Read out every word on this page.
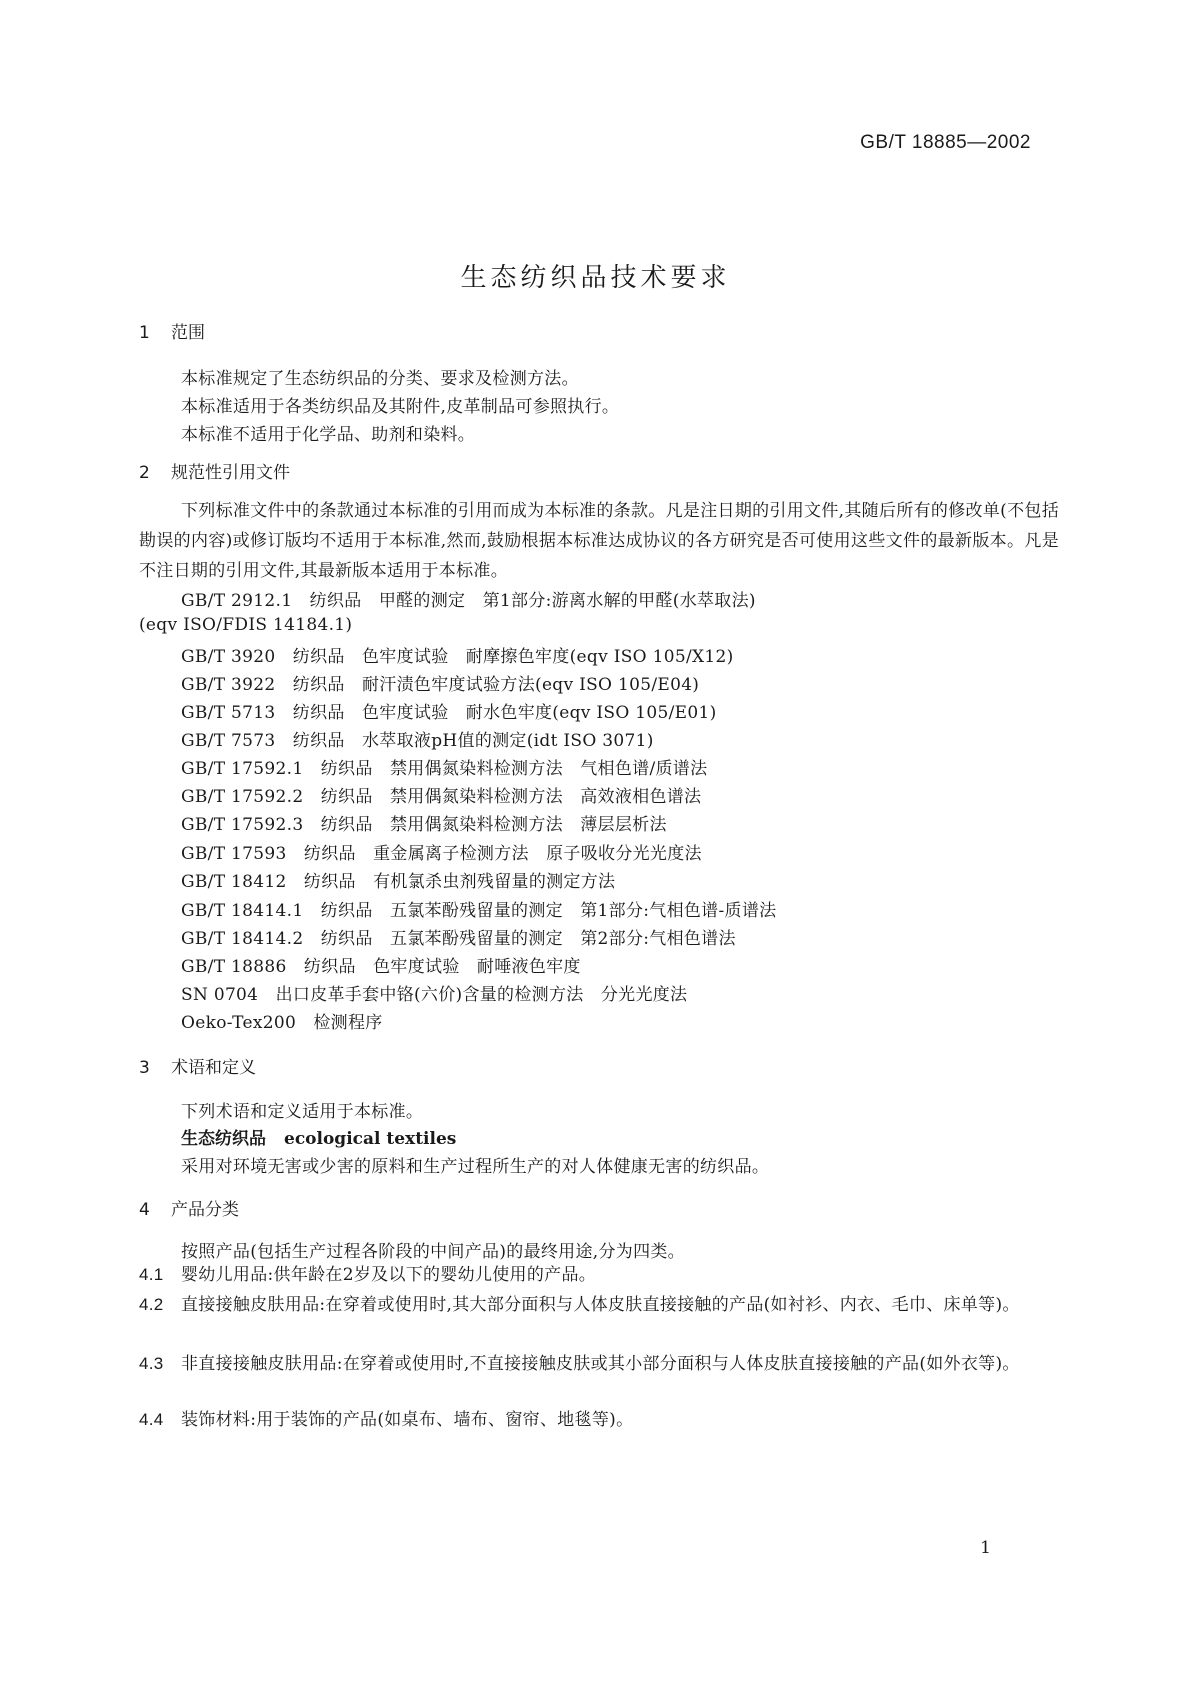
GB/T 18885—2002
生态纺织品技术要求
1 范围
本标准规定了生态纺织品的分类、要求及检测方法。
本标准适用于各类纺织品及其附件,皮革制品可参照执行。
本标准不适用于化学品、助剂和染料。
2 规范性引用文件
下列标准文件中的条款通过本标准的引用而成为本标准的条款。凡是注日期的引用文件,其随后所有的修改单(不包括勘误的内容)或修订版均不适用于本标准,然而,鼓励根据本标准达成协议的各方研究是否可使用这些文件的最新版本。凡是不注日期的引用文件,其最新版本适用于本标准。
GB/T 2912.1　纺织品　甲醛的测定　第1部分:游离水解的甲醛(水萃取法)
(eqv ISO/FDIS 14184.1)
GB/T 3920　纺织品　色牢度试验　耐摩擦色牢度(eqv ISO 105/X12)
GB/T 3922　纺织品　耐汗渍色牢度试验方法(eqv ISO 105/E04)
GB/T 5713　纺织品　色牢度试验　耐水色牢度(eqv ISO 105/E01)
GB/T 7573　纺织品　水萃取液pH值的测定(idt ISO 3071)
GB/T 17592.1　纺织品　禁用偶氮染料检测方法　气相色谱/质谱法
GB/T 17592.2　纺织品　禁用偶氮染料检测方法　高效液相色谱法
GB/T 17592.3　纺织品　禁用偶氮染料检测方法　薄层层析法
GB/T 17593　纺织品　重金属离子检测方法　原子吸收分光光度法
GB/T 18412　纺织品　有机氯杀虫剂残留量的测定方法
GB/T 18414.1　纺织品　五氯苯酚残留量的测定　第1部分:气相色谱-质谱法
GB/T 18414.2　纺织品　五氯苯酚残留量的测定　第2部分:气相色谱法
GB/T 18886　纺织品　色牢度试验　耐唾液色牢度
SN 0704　出口皮革手套中铬(六价)含量的检测方法　分光光度法
Oeko-Tex200　检测程序
3 术语和定义
下列术语和定义适用于本标准。
生态纺织品 ecological textiles
采用对环境无害或少害的原料和生产过程所生产的对人体健康无害的纺织品。
4 产品分类
按照产品(包括生产过程各阶段的中间产品)的最终用途,分为四类。
4.1 婴幼儿用品:供年龄在2岁及以下的婴幼儿使用的产品。
4.2 直接接触皮肤用品:在穿着或使用时,其大部分面积与人体皮肤直接接触的产品(如衬衫、内衣、毛巾、床单等)。
4.3 非直接接触皮肤用品:在穿着或使用时,不直接接触皮肤或其小部分面积与人体皮肤直接接触的产品(如外衣等)。
4.4 装饰材料:用于装饰的产品(如桌布、墙布、窗帘、地毯等)。
1
